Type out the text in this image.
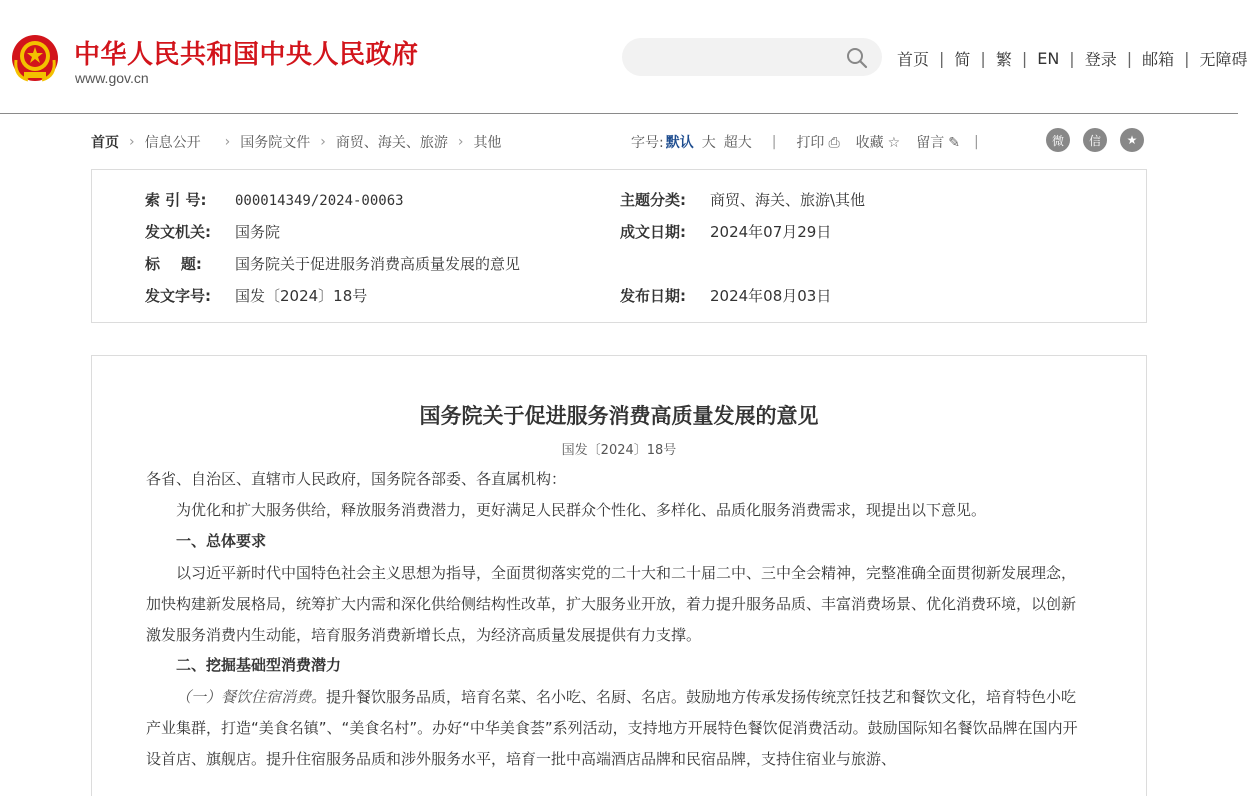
中华人民共和国中央人民政府
www.gov.cn
首页 | 简 | 繁 | EN | 登录 | 邮箱 | 无障碍
首页 › 信息公开 › 国务院文件 › 商贸、海关、旅游 › 其他	字号: 默认 大 超大 | 打印 ⎙ 收藏 ☆ 留言 ✎ |	微	信	★
索 引 号: 000014349/2024-00063	主题分类: 商贸、海关、旅游\其他
发文机关: 国务院	成文日期: 2024年07月29日
标    题: 国务院关于促进服务消费高质量发展的意见
发文字号: 国发〔2024〕18号	发布日期: 2024年08月03日
国务院关于促进服务消费高质量发展的意见
国发〔2024〕18号
各省、自治区、直辖市人民政府，国务院各部委、各直属机构：
为优化和扩大服务供给，释放服务消费潜力，更好满足人民群众个性化、多样化、品质化服务消费需求，现提出以下意见。
一、总体要求
以习近平新时代中国特色社会主义思想为指导，全面贯彻落实党的二十大和二十届二中、三中全会精神，完整准确全面贯彻新发展理念，加快构建新发展格局，统筹扩大内需和深化供给侧结构性改革，扩大服务业开放，着力提升服务品质、丰富消费场景、优化消费环境，以创新激发服务消费内生动能，培育服务消费新增长点，为经济高质量发展提供有力支撑。
二、挖掘基础型消费潜力
（一）餐饮住宿消费。提升餐饮服务品质，培育名菜、名小吃、名厨、名店。鼓励地方传承发扬传统烹饪技艺和餐饮文化，培育特色小吃产业集群，打造“美食名镇”、“美食名村”。办好“中华美食荟”系列活动，支持地方开展特色餐饮促消费活动。鼓励国际知名餐饮品牌在国内开设首店、旗舰店。提升住宿服务品质和涉外服务水平，培育一批中高端酒店品牌和民宿品牌，支持住宿业与旅游、
